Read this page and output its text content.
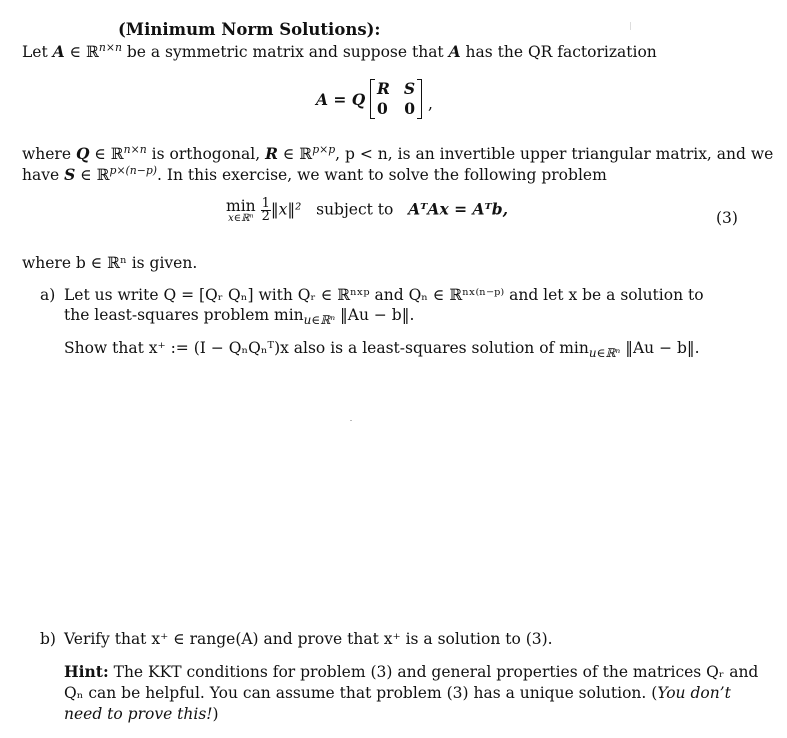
(Minimum Norm Solutions):
Let A ∈ ℝ$^{n\times n}$ be a symmetric matrix and suppose that A has the QR factorization
A = Q
R S
0 0 ,
where Q ∈ ℝ$^{n\times n}$ is orthogonal, R ∈ ℝ$^{p\times p}$, p < n, is an invertible upper triangular matrix, and we
have S ∈ ℝ$^{p\times(n-p)}$. In this exercise, we want to solve the following problem
min
x∈ℝⁿ
$\frac{1}{2}$ ‖x‖² subject to AᵀAx = Aᵀb,	(3)
where b ∈ ℝⁿ is given.
a) Let us write Q = [Qᵣ Qₙ] with Qᵣ ∈ ℝⁿˣᵖ and Qₙ ∈ ℝⁿˣ⁽ⁿ⁻ᵖ⁾ and let x be a solution to
the least-squares problem $\min_{u\in ℝ^n}$ ‖Au − b‖.
Show that x⁺ := (I − QₙQₙᵀ)x also is a least-squares solution of $\min_{u\in ℝ^n}$ ‖Au − b‖.
b) Verify that x⁺ ∈ range(A) and prove that x⁺ is a solution to (3).
Hint: The KKT conditions for problem (3) and general properties of the matrices Qᵣ and
Qₙ can be helpful. You can assume that problem (3) has a unique solution. (You don’t
need to prove this!)
